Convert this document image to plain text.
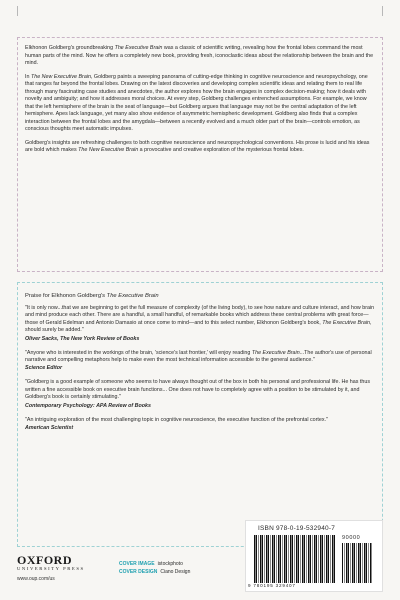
Elkhonon Goldberg's groundbreaking The Executive Brain was a classic of scientific writing, revealing how the frontal lobes command the most human parts of the mind. Now he offers a completely new book, providing fresh, iconoclastic ideas about the relationship between the brain and the mind.

In The New Executive Brain, Goldberg paints a sweeping panorama of cutting-edge thinking in cognitive neuroscience and neuropsychology, one that ranges far beyond the frontal lobes. Drawing on the latest discoveries and developing complex scientific ideas and relating them to real life through many fascinating case studies and anecdotes, the author explores how the brain engages in complex decision-making; how it deals with novelty and ambiguity; and how it addresses moral choices. At every step, Goldberg challenges entrenched assumptions. For example, we know that the left hemisphere of the brain is the seat of language—but Goldberg argues that language may not be the central adaptation of the left hemisphere. Apes lack language, yet many also show evidence of asymmetric hemispheric development. Goldberg also finds that a complex interaction between the frontal lobes and the amygdala—between a recently evolved and a much older part of the brain—controls emotion, as conscious thoughts meet automatic impulses.

Goldberg's insights are refreshing challenges to both cognitive neuroscience and neuropsychological conventions. His prose is lucid and his ideas are bold which makes The New Executive Brain a provocative and creative exploration of the mysterious frontal lobes.

Praise for Elkhonon Goldberg's The Executive Brain

"It is only now...that we are beginning to get the full measure of complexity (of the living body), to see how nature and culture interact, and how brain and mind produce each other. There are a handful, a small handful, of remarkable books which address these central problems with great force—those of Gerald Edelman and Antonio Damasio at once come to mind—and to this select number, Elkhonon Goldberg's book, The Executive Brain, should surely be added."

Oliver Sacks, The New York Review of Books

"Anyone who is interested in the workings of the brain, 'science's last frontier,' will enjoy reading The Executive Brain...The author's use of personal narrative and compelling metaphors help to make even the most technical information accessible to the general audience."

Science Editor

"Goldberg is a good example of someone who seems to have always thought out of the box in both his personal and professional life. He has thus written a fine accessible book on executive brain functions... One does not have to completely agree with a position to be stimulated by it, and Goldberg's book is certainly stimulating."

Contemporary Psychology: APA Review of Books

"An intriguing exploration of the most challenging topic in cognitive neuroscience, the executive function of the prefrontal cortex."

American Scientist

OXFORD
UNIVERSITY PRESS
www.oup.com/us
COVER IMAGE istockphoto
COVER DESIGN Ciano Design
ISBN 978-0-19-532940-7
90000
9 780195 329407
